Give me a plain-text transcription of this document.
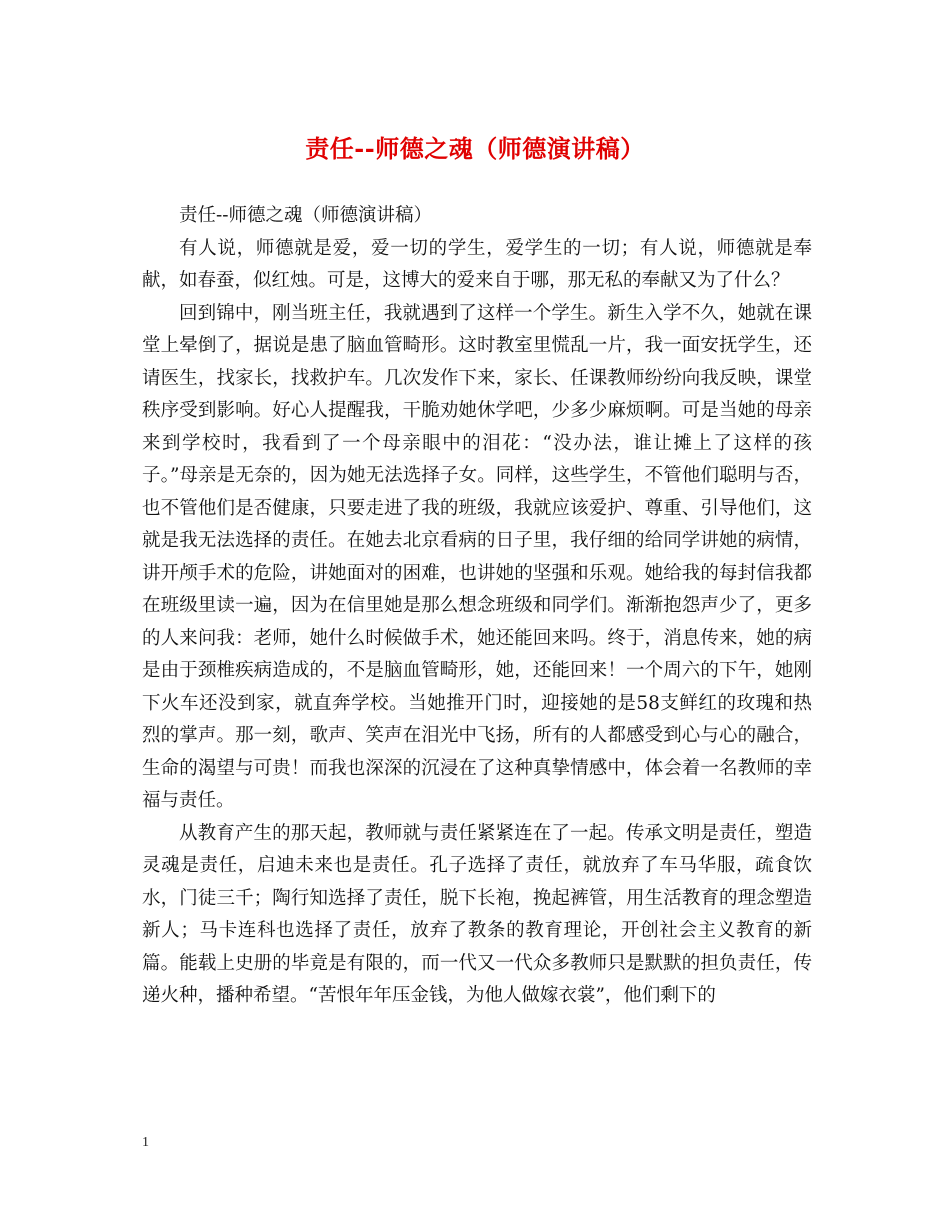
责任--师德之魂（师德演讲稿）

责任--师德之魂（师德演讲稿）

有人说，师德就是爱，爱一切的学生，爱学生的一切；有人说，师德就是奉献，如春蚕，似红烛。可是，这博大的爱来自于哪，那无私的奉献又为了什么？

回到锦中，刚当班主任，我就遇到了这样一个学生。新生入学不久，她就在课堂上晕倒了，据说是患了脑血管畸形。这时教室里慌乱一片，我一面安抚学生，还请医生，找家长，找救护车。几次发作下来，家长、任课教师纷纷向我反映，课堂秩序受到影响。好心人提醒我，干脆劝她休学吧，少多少麻烦啊。可是当她的母亲来到学校时，我看到了一个母亲眼中的泪花：“没办法，谁让摊上了这样的孩子。”母亲是无奈的，因为她无法选择子女。同样，这些学生，不管他们聪明与否，也不管他们是否健康，只要走进了我的班级，我就应该爱护、尊重、引导他们，这就是我无法选择的责任。在她去北京看病的日子里，我仔细的给同学讲她的病情，讲开颅手术的危险，讲她面对的困难，也讲她的坚强和乐观。她给我的每封信我都在班级里读一遍，因为在信里她是那么想念班级和同学们。渐渐抱怨声少了，更多的人来问我：老师，她什么时候做手术，她还能回来吗。终于，消息传来，她的病是由于颈椎疾病造成的，不是脑血管畸形，她，还能回来！一个周六的下午，她刚下火车还没到家，就直奔学校。当她推开门时，迎接她的是58支鲜红的玫瑰和热烈的掌声。那一刻，歌声、笑声在泪光中飞扬，所有的人都感受到心与心的融合，生命的渴望与可贵！而我也深深的沉浸在了这种真挚情感中，体会着一名教师的幸福与责任。

从教育产生的那天起，教师就与责任紧紧连在了一起。传承文明是责任，塑造灵魂是责任，启迪未来也是责任。孔子选择了责任，就放弃了车马华服，疏食饮水，门徒三千；陶行知选择了责任，脱下长袍，挽起裤管，用生活教育的理念塑造新人；马卡连科也选择了责任，放弃了教条的教育理论，开创社会主义教育的新篇。能载上史册的毕竟是有限的，而一代又一代众多教师只是默默的担负责任，传递火种，播种希望。“苦恨年年压金钱，为他人做嫁衣裳”，他们剩下的

1
